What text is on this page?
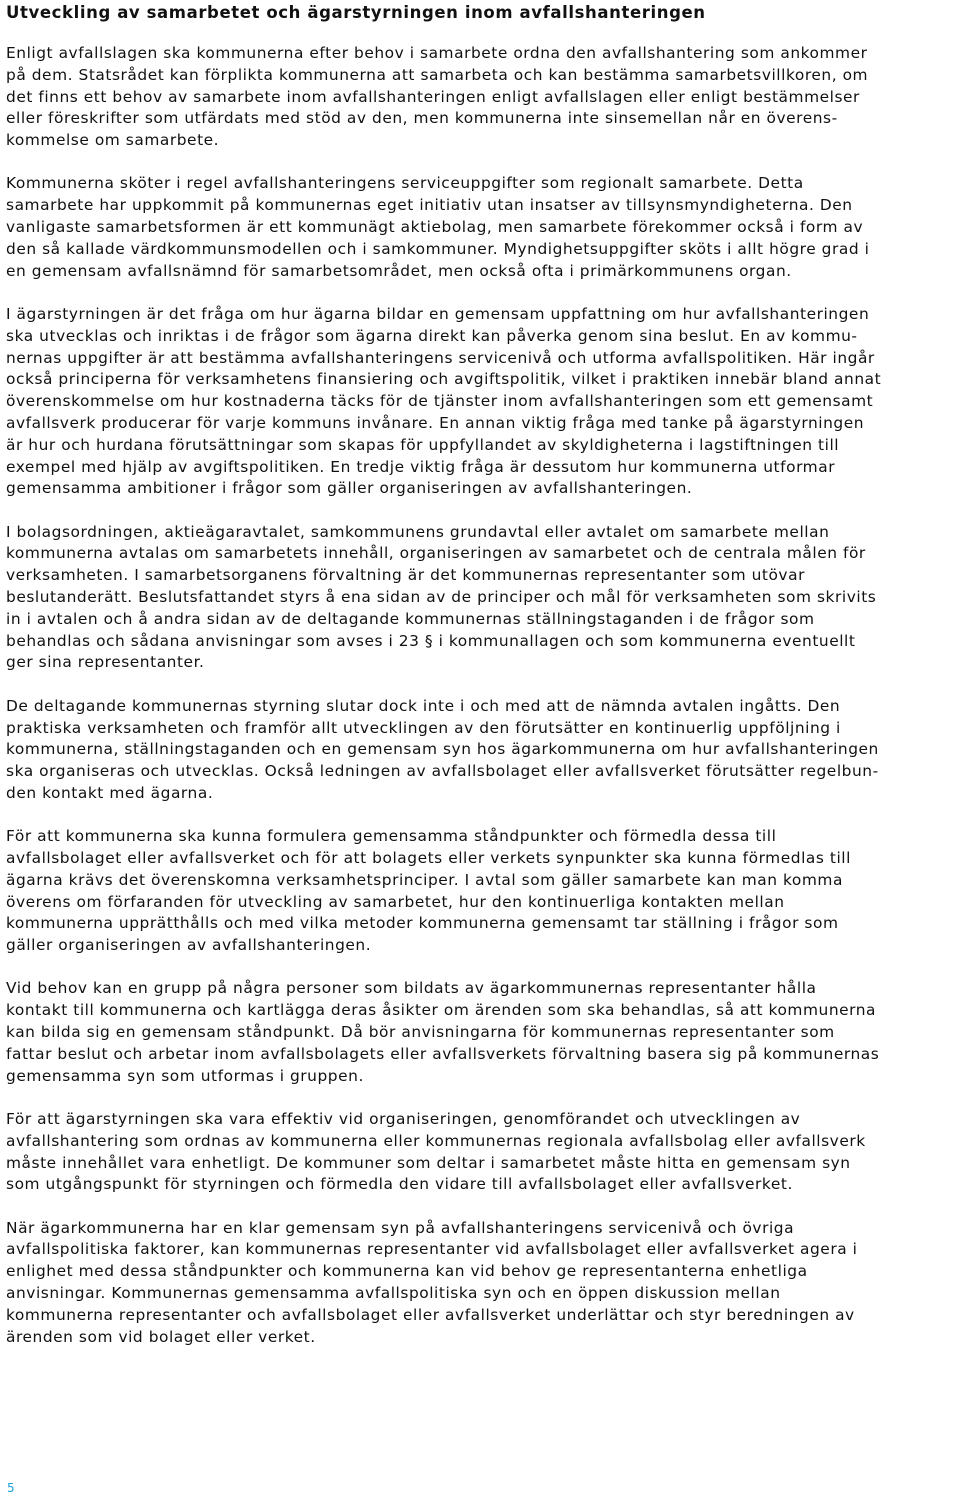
Utveckling av samarbetet och ägarstyrningen inom avfallshanteringen

Enligt avfallslagen ska kommunerna efter behov i samarbete ordna den avfallshantering som ankommer
på dem. Statsrådet kan förplikta kommunerna att samarbeta och kan bestämma samarbetsvillkoren, om
det finns ett behov av samarbete inom avfallshanteringen enligt avfallslagen eller enligt bestämmelser
eller föreskrifter som utfärdats med stöd av den, men kommunerna inte sinsemellan når en överens-
kommelse om samarbete.

Kommunerna sköter i regel avfallshanteringens serviceuppgifter som regionalt samarbete. Detta
samarbete har uppkommit på kommunernas eget initiativ utan insatser av tillsynsmyndigheterna. Den
vanligaste samarbetsformen är ett kommunägt aktiebolag, men samarbete förekommer också i form av
den så kallade värdkommunsmodellen och i samkommuner. Myndighetsuppgifter sköts i allt högre grad i
en gemensam avfallsnämnd för samarbetsområdet, men också ofta i primärkommunens organ.

I ägarstyrningen är det fråga om hur ägarna bildar en gemensam uppfattning om hur avfallshanteringen
ska utvecklas och inriktas i de frågor som ägarna direkt kan påverka genom sina beslut. En av kommu-
nernas uppgifter är att bestämma avfallshanteringens servicenivå och utforma avfallspolitiken. Här ingår
också principerna för verksamhetens finansiering och avgiftspolitik, vilket i praktiken innebär bland annat
överenskommelse om hur kostnaderna täcks för de tjänster inom avfallshanteringen som ett gemensamt
avfallsverk producerar för varje kommuns invånare. En annan viktig fråga med tanke på ägarstyrningen
är hur och hurdana förutsättningar som skapas för uppfyllandet av skyldigheterna i lagstiftningen till
exempel med hjälp av avgiftspolitiken. En tredje viktig fråga är dessutom hur kommunerna utformar
gemensamma ambitioner i frågor som gäller organiseringen av avfallshanteringen.

I bolagsordningen, aktieägaravtalet, samkommunens grundavtal eller avtalet om samarbete mellan
kommunerna avtalas om samarbetets innehåll, organiseringen av samarbetet och de centrala målen för
verksamheten. I samarbetsorganens förvaltning är det kommunernas representanter som utövar
beslutanderätt. Beslutsfattandet styrs å ena sidan av de principer och mål för verksamheten som skrivits
in i avtalen och å andra sidan av de deltagande kommunernas ställningstaganden i de frågor som
behandlas och sådana anvisningar som avses i 23 § i kommunallagen och som kommunerna eventuellt
ger sina representanter.

De deltagande kommunernas styrning slutar dock inte i och med att de nämnda avtalen ingåtts. Den
praktiska verksamheten och framför allt utvecklingen av den förutsätter en kontinuerlig uppföljning i
kommunerna, ställningstaganden och en gemensam syn hos ägarkommunerna om hur avfallshanteringen
ska organiseras och utvecklas. Också ledningen av avfallsbolaget eller avfallsverket förutsätter regelbun-
den kontakt med ägarna.

För att kommunerna ska kunna formulera gemensamma ståndpunkter och förmedla dessa till
avfallsbolaget eller avfallsverket och för att bolagets eller verkets synpunkter ska kunna förmedlas till
ägarna krävs det överenskomna verksamhetsprinciper. I avtal som gäller samarbete kan man komma
överens om förfaranden för utveckling av samarbetet, hur den kontinuerliga kontakten mellan
kommunerna upprätthålls och med vilka metoder kommunerna gemensamt tar ställning i frågor som
gäller organiseringen av avfallshanteringen.

Vid behov kan en grupp på några personer som bildats av ägarkommunernas representanter hålla
kontakt till kommunerna och kartlägga deras åsikter om ärenden som ska behandlas, så att kommunerna
kan bilda sig en gemensam ståndpunkt. Då bör anvisningarna för kommunernas representanter som
fattar beslut och arbetar inom avfallsbolagets eller avfallsverkets förvaltning basera sig på kommunernas
gemensamma syn som utformas i gruppen.

För att ägarstyrningen ska vara effektiv vid organiseringen, genomförandet och utvecklingen av
avfallshantering som ordnas av kommunerna eller kommunernas regionala avfallsbolag eller avfallsverk
måste innehållet vara enhetligt. De kommuner som deltar i samarbetet måste hitta en gemensam syn
som utgångspunkt för styrningen och förmedla den vidare till avfallsbolaget eller avfallsverket.

När ägarkommunerna har en klar gemensam syn på avfallshanteringens servicenivå och övriga
avfallspolitiska faktorer, kan kommunernas representanter vid avfallsbolaget eller avfallsverket agera i
enlighet med dessa ståndpunkter och kommunerna kan vid behov ge representanterna enhetliga
anvisningar. Kommunernas gemensamma avfallspolitiska syn och en öppen diskussion mellan
kommunerna representanter och avfallsbolaget eller avfallsverket underlättar och styr beredningen av
ärenden som vid bolaget eller verket.

5
